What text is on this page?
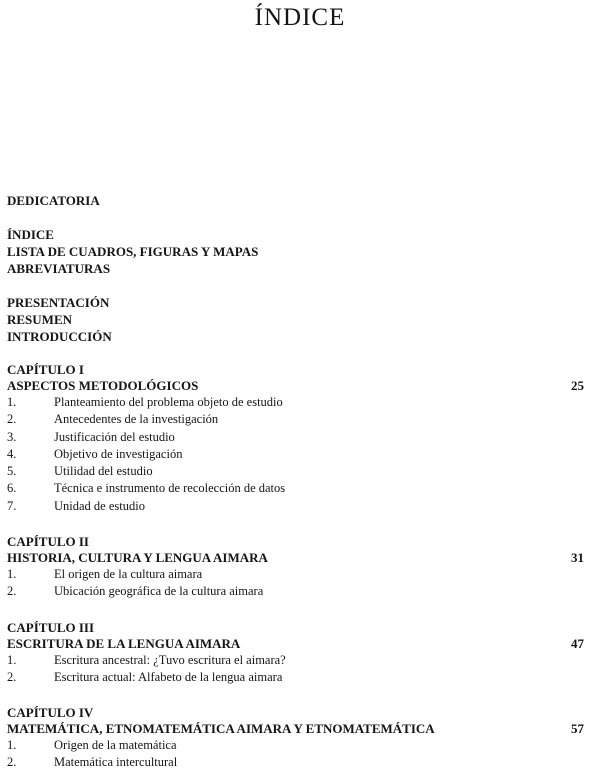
ÍNDICE
DEDICATORIA
ÍNDICE
LISTA DE CUADROS, FIGURAS Y MAPAS
ABREVIATURAS
PRESENTACIÓN
RESUMEN
INTRODUCCIÓN
CAPÍTULO I
ASPECTOS METODOLÓGICOS	25
1.	Planteamiento del problema objeto de estudio
2.	Antecedentes de la investigación
3.	Justificación del estudio
4.	Objetivo de investigación
5.	Utilidad del estudio
6.	Técnica e instrumento de recolección de datos
7.	Unidad de estudio
CAPÍTULO II
HISTORIA, CULTURA Y LENGUA AIMARA	31
1.	El origen de la cultura aimara
2.	Ubicación geográfica de la cultura aimara
CAPÍTULO III
ESCRITURA DE LA LENGUA AIMARA	47
1.	Escritura ancestral: ¿Tuvo escritura el aimara?
2.	Escritura actual: Alfabeto de la lengua aimara
CAPÍTULO IV
MATEMÁTICA, ETNOMATEMÁTICA AIMARA Y ETNOMATEMÁTICA	57
1.	Origen de la matemática
2.	Matemática intercultural
